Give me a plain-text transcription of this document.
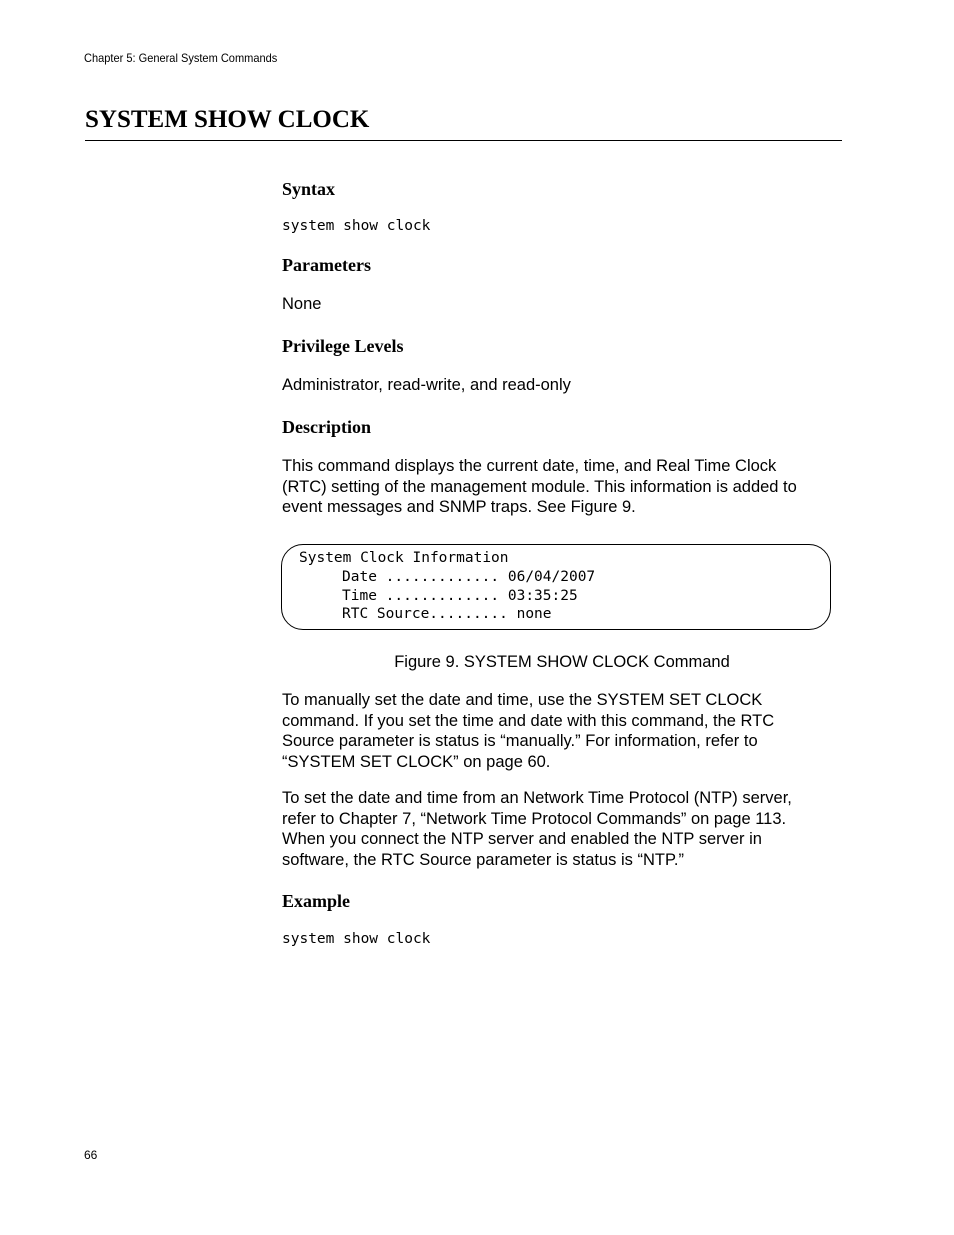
Chapter 5: General System Commands
SYSTEM SHOW CLOCK
Syntax
system show clock
Parameters
None
Privilege Levels
Administrator, read-write, and read-only
Description
This command displays the current date, time, and Real Time Clock
(RTC) setting of the management module. This information is added to
event messages and SNMP traps. See Figure 9.
To manually set the date and time, use the SYSTEM SET CLOCK
command. If you set the time and date with this command, the RTC
Source parameter is status is “manually.” For information, refer to
“SYSTEM SET CLOCK” on page 60.
To set the date and time from an Network Time Protocol (NTP) server,
refer to Chapter 7, “Network Time Protocol Commands” on page 113.
When you connect the NTP server and enabled the NTP server in
software, the RTC Source parameter is status is “NTP.”
Example
system show clock
System Clock Information
Date ............. 06/04/2007
Time ............. 03:35:25
RTC Source......... none
Figure 9. SYSTEM SHOW CLOCK Command
66
